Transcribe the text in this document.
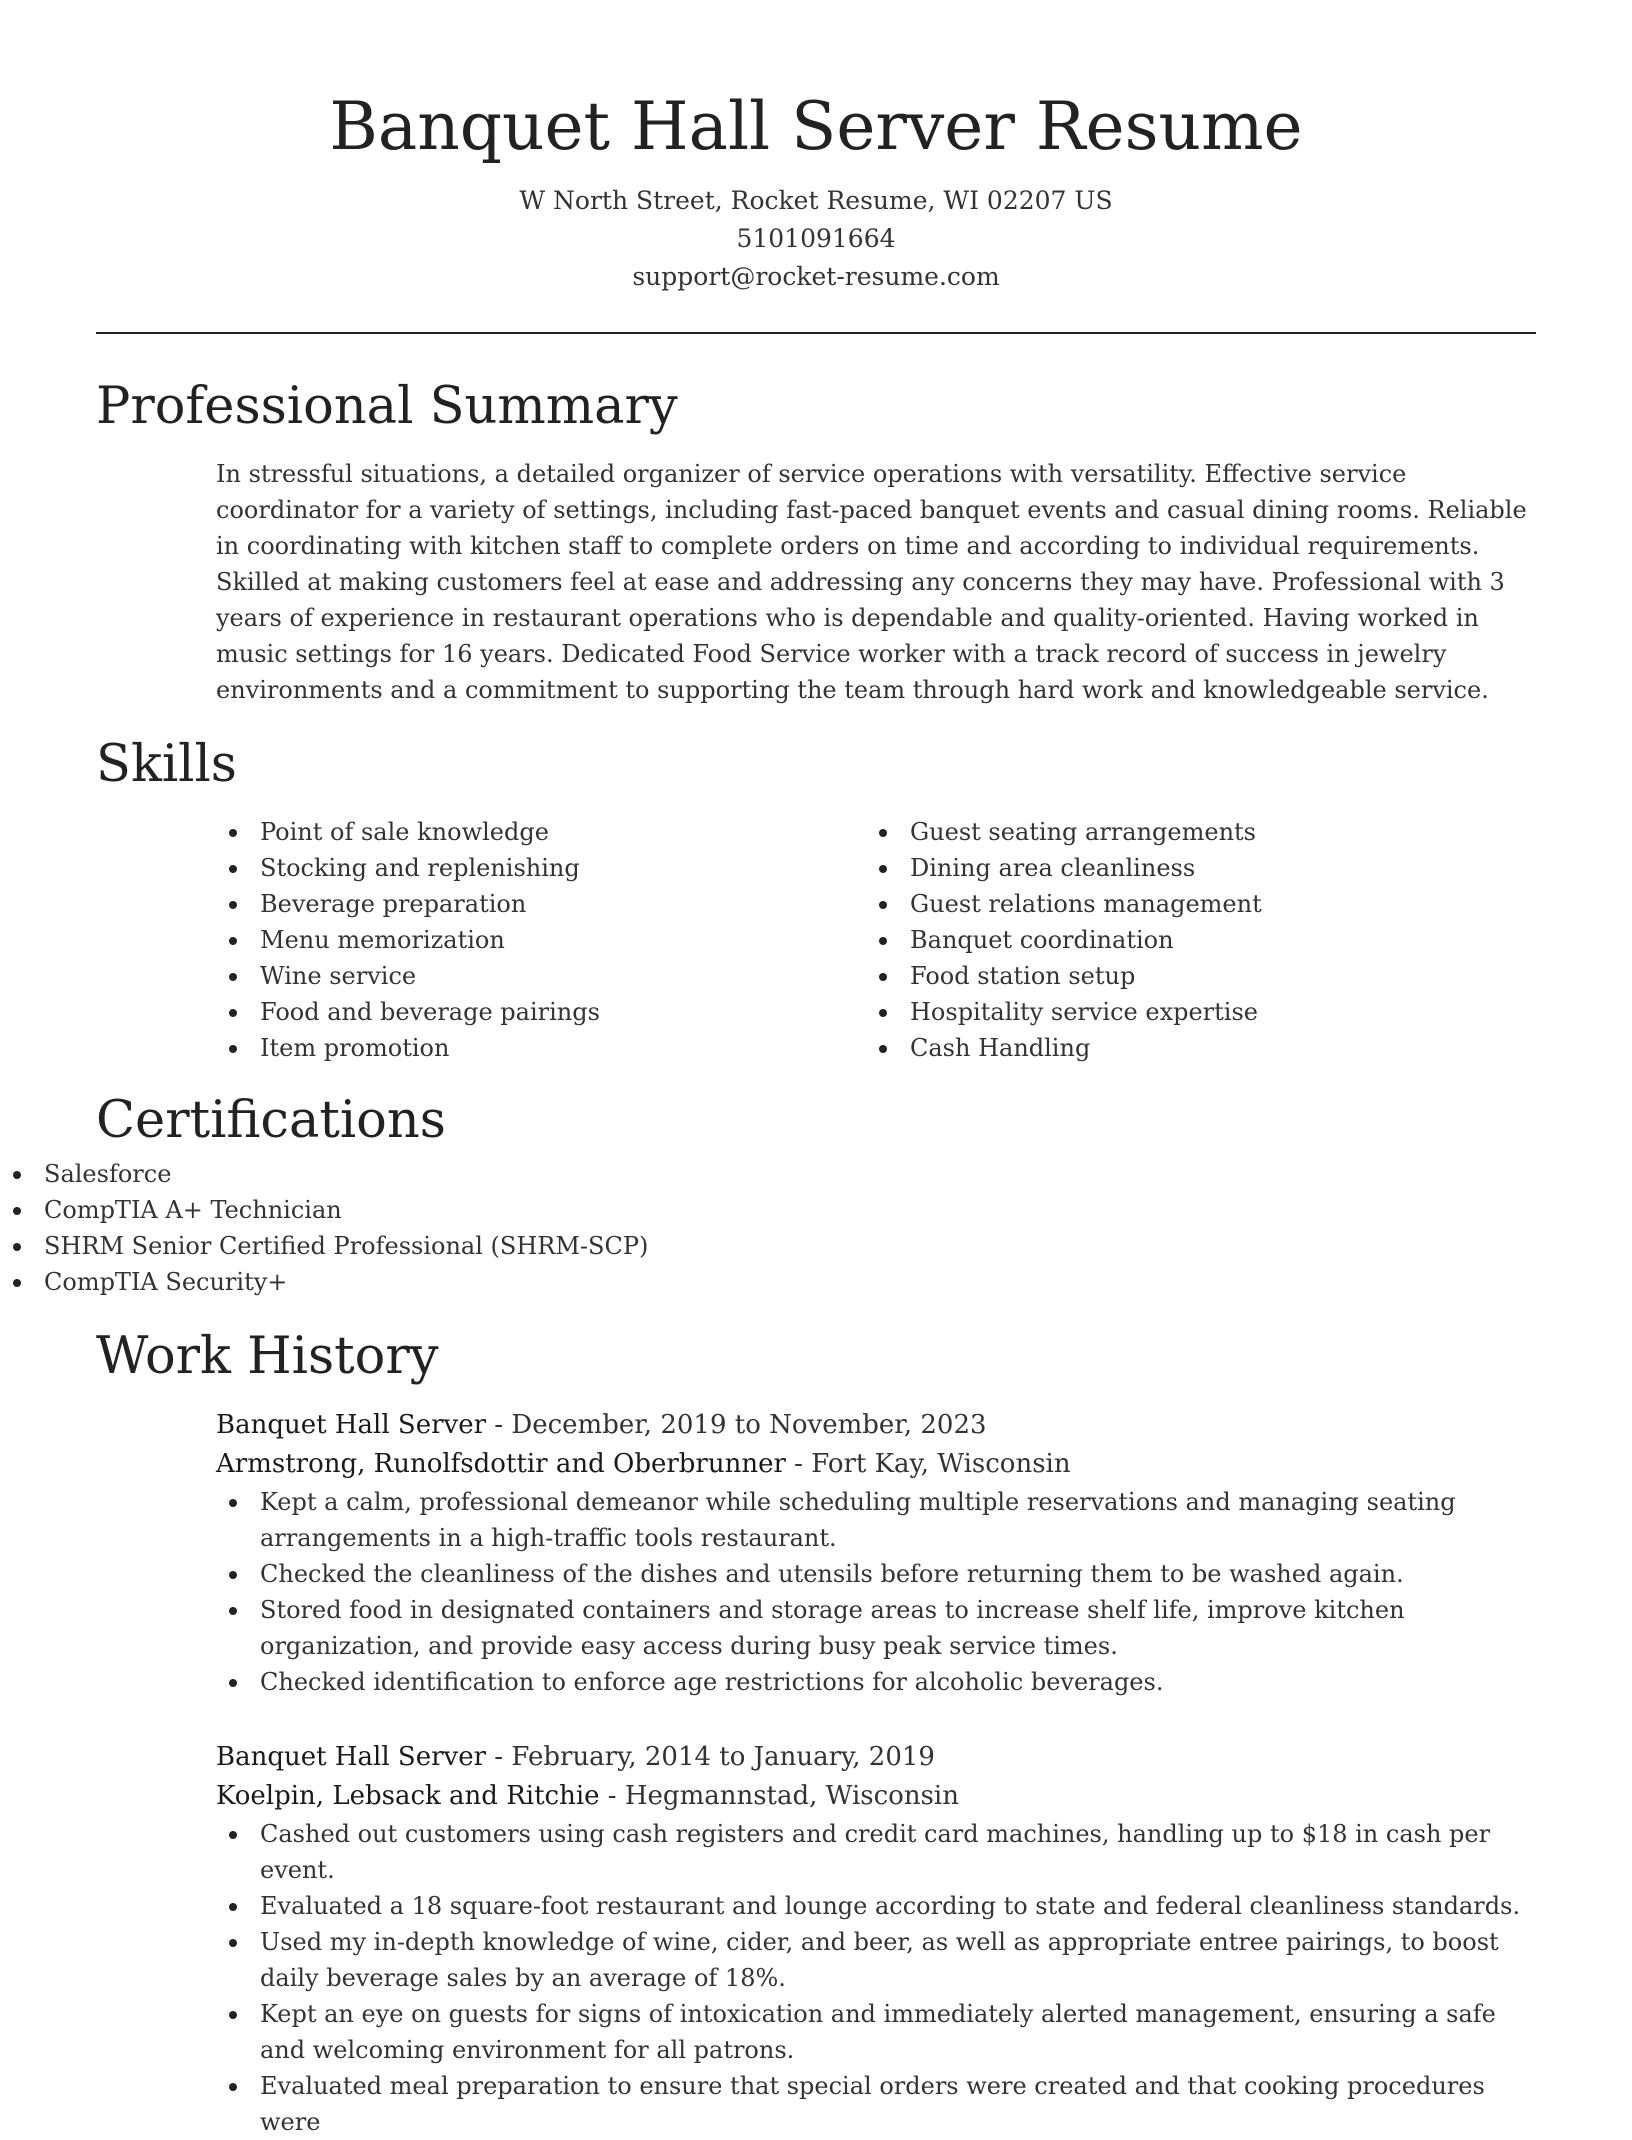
Banquet Hall Server Resume
W North Street, Rocket Resume, WI 02207 US
5101091664
support@rocket-resume.com
Professional Summary

In stressful situations, a detailed organizer of service operations with versatility. Effective service coordinator for a variety of settings, including fast-paced banquet events and casual dining rooms. Reliable in coordinating with kitchen staff to complete orders on time and according to individual requirements. Skilled at making customers feel at ease and addressing any concerns they may have. Professional with 3 years of experience in restaurant operations who is dependable and quality-oriented. Having worked in music settings for 16 years. Dedicated Food Service worker with a track record of success in jewelry environments and a commitment to supporting the team through hard work and knowledgeable service.

Skills
Point of sale knowledge
Stocking and replenishing
Beverage preparation
Menu memorization
Wine service
Food and beverage pairings
Item promotion
Guest seating arrangements
Dining area cleanliness
Guest relations management
Banquet coordination
Food station setup
Hospitality service expertise
Cash Handling
Certifications
Salesforce
CompTIA A+ Technician
SHRM Senior Certified Professional (SHRM-SCP)
CompTIA Security+
Work History
Banquet Hall Server - December, 2019 to November, 2023
Armstrong, Runolfsdottir and Oberbrunner - Fort Kay, Wisconsin
Kept a calm, professional demeanor while scheduling multiple reservations and managing seating arrangements in a high-traffic tools restaurant.
Checked the cleanliness of the dishes and utensils before returning them to be washed again.
Stored food in designated containers and storage areas to increase shelf life, improve kitchen organization, and provide easy access during busy peak service times.
Checked identification to enforce age restrictions for alcoholic beverages.
Banquet Hall Server - February, 2014 to January, 2019
Koelpin, Lebsack and Ritchie - Hegmannstad, Wisconsin
Cashed out customers using cash registers and credit card machines, handling up to $18 in cash per event.
Evaluated a 18 square-foot restaurant and lounge according to state and federal cleanliness standards.
Used my in-depth knowledge of wine, cider, and beer, as well as appropriate entree pairings, to boost daily beverage sales by an average of 18%.
Kept an eye on guests for signs of intoxication and immediately alerted management, ensuring a safe and welcoming environment for all patrons.
Evaluated meal preparation to ensure that special orders were created and that cooking procedures were
